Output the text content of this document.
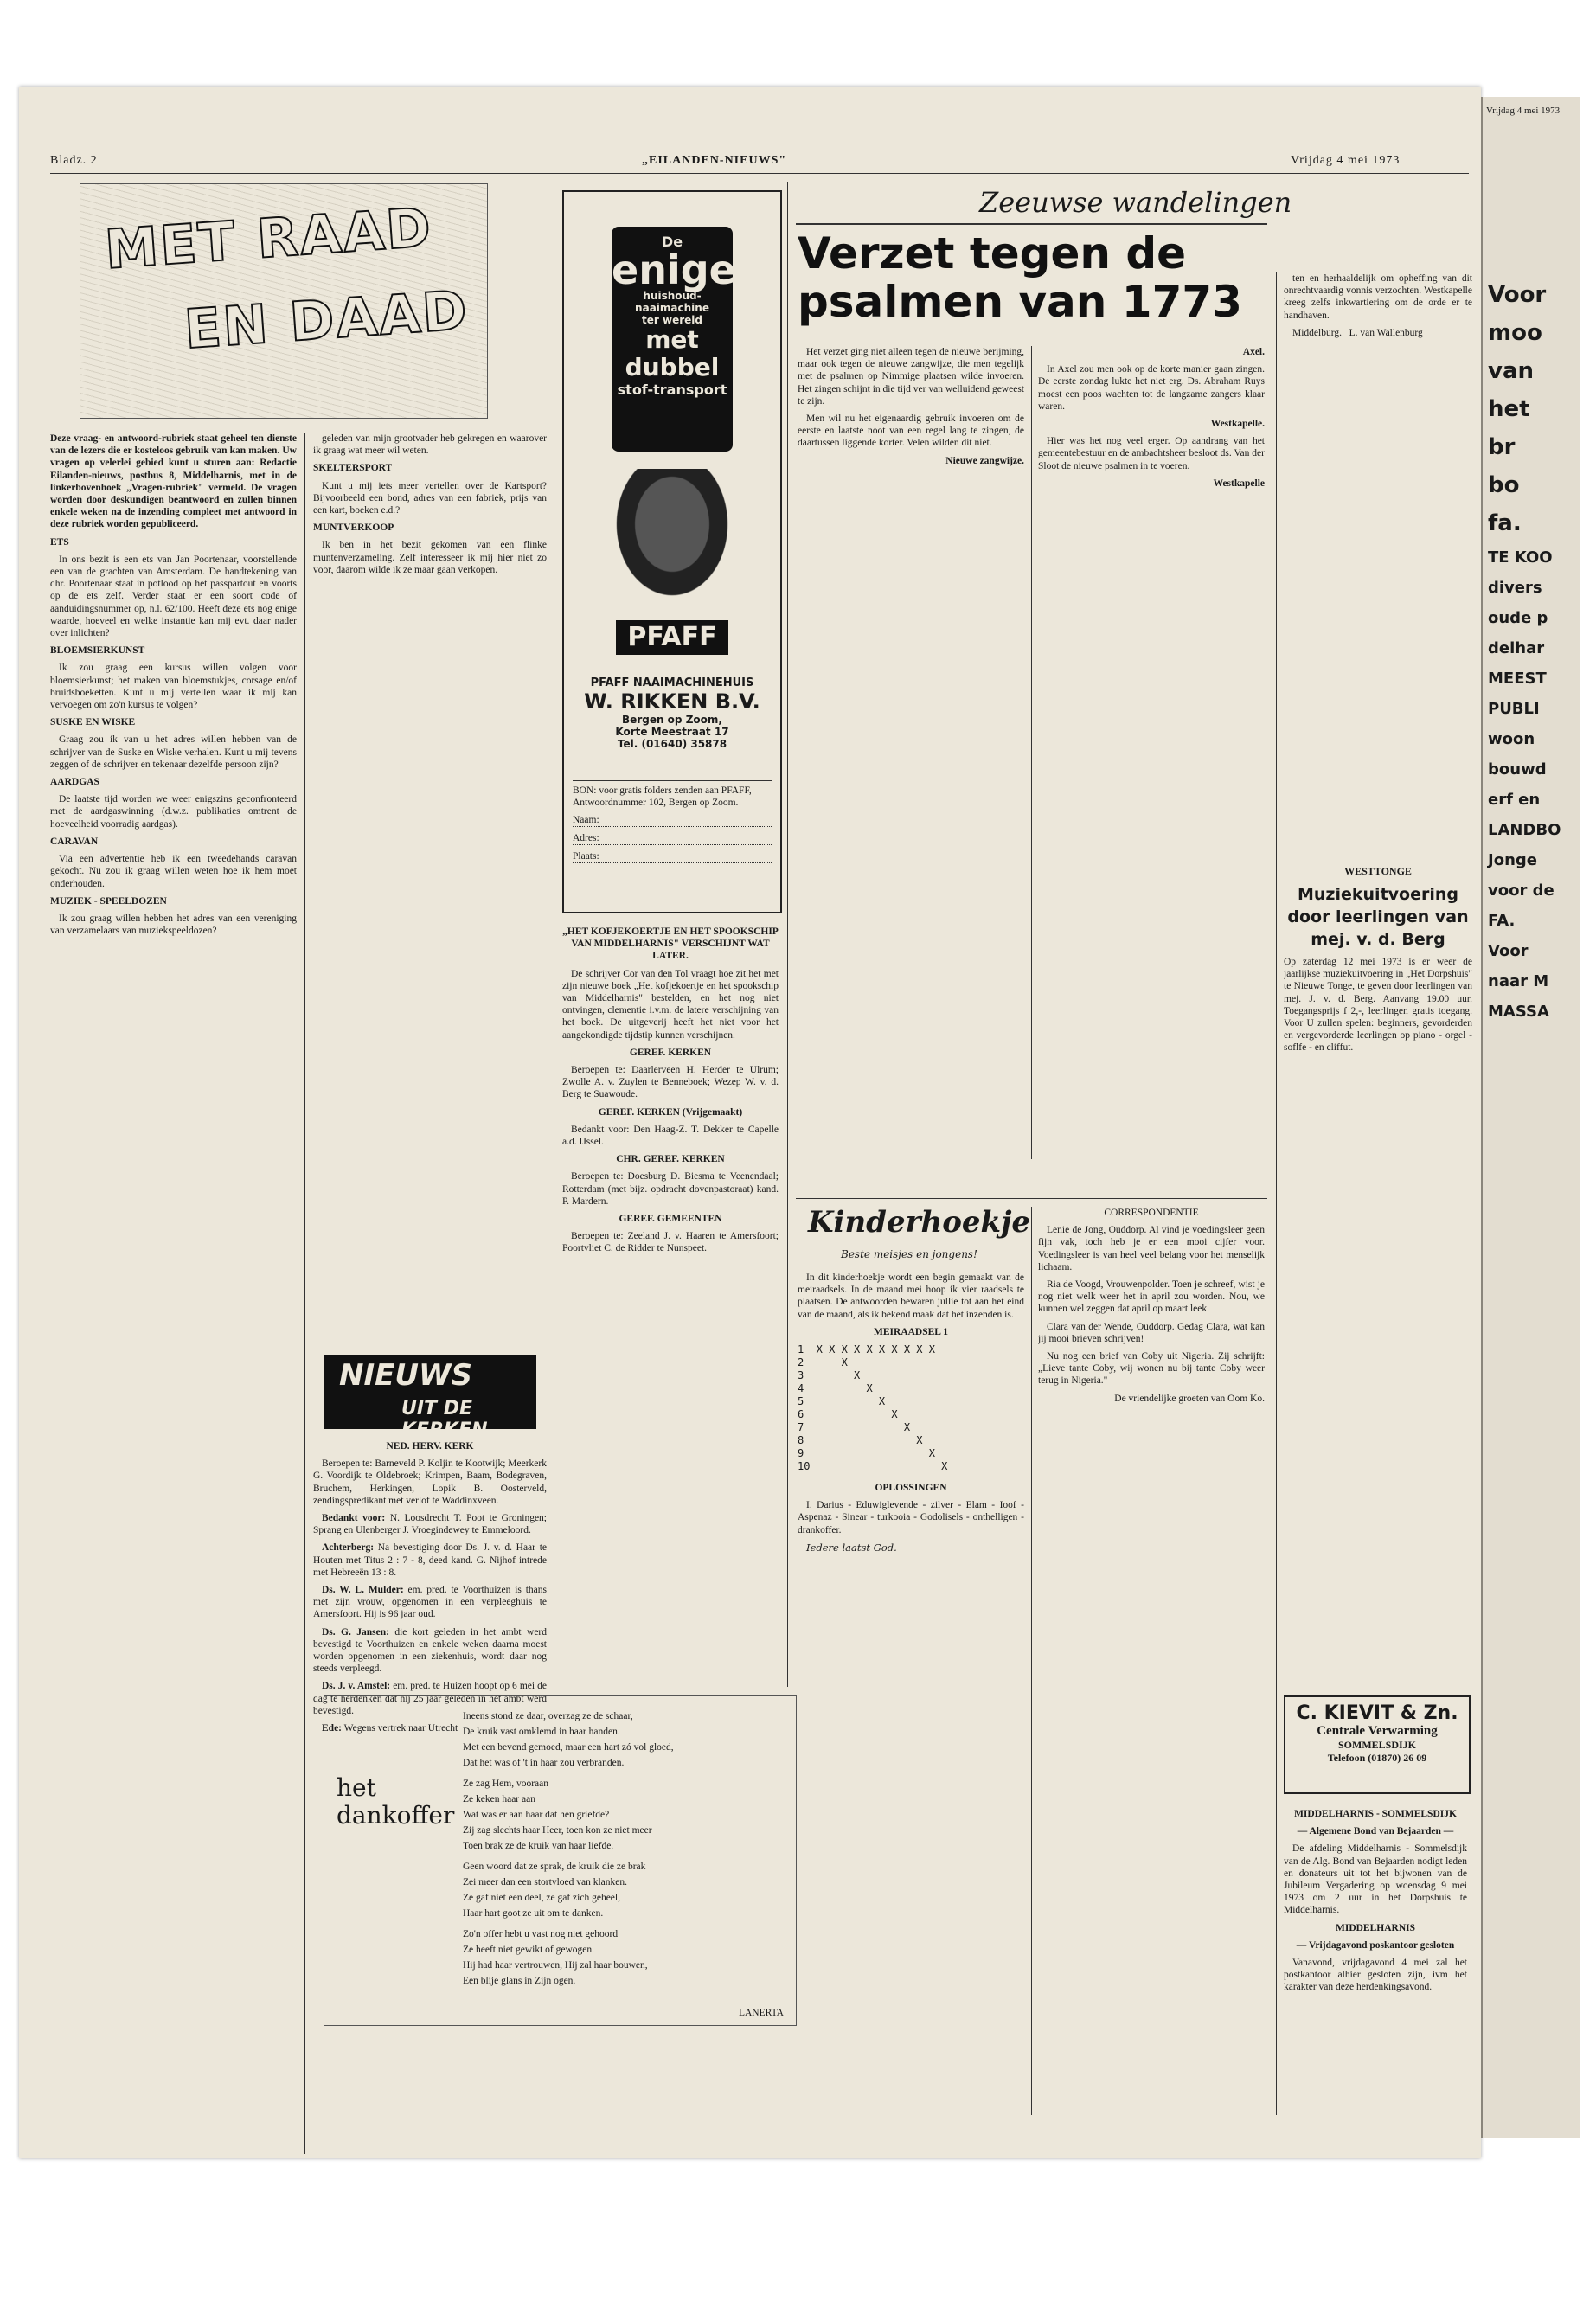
Bladz. 2	„EILANDEN-NIEUWS"	Vrijdag 4 mei 1973
MET RAAD
EN DAAD

Deze vraag- en antwoord-rubriek staat geheel ten dienste van de lezers die er kosteloos gebruik van kan maken. Uw vragen op velerlei gebied kunt u sturen aan: Redactie Eilanden-nieuws, postbus 8, Middelharnis, met in de linkerbovenhoek „Vragen-rubriek" vermeld. De vragen worden door deskundigen beantwoord en zullen binnen enkele weken na de inzending compleet met antwoord in deze rubriek worden gepubliceerd.

ETS

In ons bezit is een ets van Jan Poortenaar, voorstellende een van de grachten van Amsterdam. De handtekening van dhr. Poortenaar staat in potlood op het passpartout en voorts op de ets zelf. Verder staat er een soort code of aanduidingsnummer op, n.l. 62/100. Heeft deze ets nog enige waarde, hoeveel en welke instantie kan mij evt. daar nader over inlichten?

BLOEMSIERKUNST

Ik zou graag een kursus willen volgen voor bloemsierkunst; het maken van bloemstukjes, corsage en/of bruidsboeketten. Kunt u mij vertellen waar ik mij kan vervoegen om zo'n kursus te volgen?

SUSKE EN WISKE

Graag zou ik van u het adres willen hebben van de schrijver van de Suske en Wiske verhalen. Kunt u mij tevens zeggen of de schrijver en tekenaar dezelfde persoon zijn?

AARDGAS

De laatste tijd worden we weer enigszins geconfronteerd met de aardgaswinning (d.w.z. publikaties omtrent de hoeveelheid voorradig aardgas).

CARAVAN

Via een advertentie heb ik een tweedehands caravan gekocht. Nu zou ik graag willen weten hoe ik hem moet onderhouden.

MUZIEK - SPEELDOZEN

Ik zou graag willen hebben het adres van een vereniging van verzamelaars van muziekspeeldozen?

geleden van mijn grootvader heb gekregen en waarover ik graag wat meer wil weten.

SKELTERSPORT

Kunt u mij iets meer vertellen over de Kartsport? Bijvoorbeeld een bond, adres van een fabriek, prijs van een kart, boeken e.d.?

MUNTVERKOOP

Ik ben in het bezit gekomen van een flinke muntenverzameling. Zelf interesseer ik mij hier niet zo voor, daarom wilde ik ze maar gaan verkopen.

NIEUWS
UIT DE KERKEN

NED. HERV. KERK

Beroepen te: Barneveld P. Koljin te Kootwijk; Meerkerk G. Voordijk te Oldebroek; Krimpen, Baam, Bodegraven, Bruchem, Herkingen, Lopik B. Oosterveld, zendingspredikant met verlof te Waddinxveen.

Bedankt voor: N. Loosdrecht T. Poot te Groningen; Sprang en Ulenberger J. Vroegindewey te Emmeloord.

Achterberg: Na bevestiging door Ds. J. v. d. Haar te Houten met Titus 2 : 7 - 8, deed kand. G. Nijhof intrede met Hebreeën 13 : 8.

Ds. W. L. Mulder: em. pred. te Voorthuizen is thans met zijn vrouw, opgenomen in een verpleeghuis te Amersfoort. Hij is 96 jaar oud.

Ds. G. Jansen: die kort geleden in het ambt werd bevestigd te Voorthuizen en enkele weken daarna moest worden opgenomen in een ziekenhuis, wordt daar nog steeds verpleegd.

Ds. J. v. Amstel: em. pred. te Huizen hoopt op 6 mei de dag te herdenken dat hij 25 jaar geleden in het ambt werd bevestigd.

Ede: Wegens vertrek naar Utrecht

De
enige
huishoud-naaimachine
ter wereld
met dubbel
stof-transport
PFAFF
PFAFF NAAIMACHINEHUIS
W. RIKKEN B.V.
Bergen op Zoom,
Korte Meestraat 17
Tel. (01640) 35878
BON: voor gratis folders zenden aan PFAFF, Antwoordnummer 102, Bergen op Zoom.
Naam:
Adres:
Plaats:

„HET KOFJEKOERTJE EN HET SPOOKSCHIP VAN MIDDELHARNIS" VERSCHIJNT WAT LATER.

De schrijver Cor van den Tol vraagt hoe zit het met zijn nieuwe boek „Het kofjekoertje en het spookschip van Middelharnis" bestelden, en het nog niet ontvingen, clementie i.v.m. de latere verschijning van het boek. De uitgeverij heeft het niet voor het aangekondigde tijdstip kunnen verschijnen.

GEREF. KERKEN

Beroepen te: Daarlerveen H. Herder te Ulrum; Zwolle A. v. Zuylen te Benneboek; Wezep W. v. d. Berg te Suawoude.

GEREF. KERKEN (Vrijgemaakt)

Bedankt voor: Den Haag-Z. T. Dekker te Capelle a.d. IJssel.

CHR. GEREF. KERKEN

Beroepen te: Doesburg D. Biesma te Veenendaal; Rotterdam (met bijz. opdracht dovenpastoraat) kand. P. Mardern.

GEREF. GEMEENTEN

Beroepen te: Zeeland J. v. Haaren te Amersfoort; Poortvliet C. de Ridder te Nunspeet.

het dankoffer
Ineens stond ze daar, overzag ze de schaar,
De kruik vast omklemd in haar handen.
Met een bevend gemoed, maar een hart zó vol gloed,
Dat het was of 't in haar zou verbranden.
Ze zag Hem, vooraan
Ze keken haar aan
Wat was er aan haar dat hen griefde?
Zij zag slechts haar Heer, toen kon ze niet meer
Toen brak ze de kruik van haar liefde.
Geen woord dat ze sprak, de kruik die ze brak
Zei meer dan een stortvloed van klanken.
Ze gaf niet een deel, ze gaf zich geheel,
Haar hart goot ze uit om te danken.
Zo'n offer hebt u vast nog niet gehoord
Ze heeft niet gewikt of gewogen.
Hij had haar vertrouwen, Hij zal haar bouwen,
Een blije glans in Zijn ogen.
LANERTA
Zeeuwse wandelingen
Verzet tegen de psalmen van 1773

Het verzet ging niet alleen tegen de nieuwe berijming, maar ook tegen de nieuwe zangwijze, die men tegelijk met de psalmen op Nimmige plaatsen wilde invoeren. Het zingen schijnt in die tijd ver van welluidend geweest te zijn.

Men wil nu het eigenaardig gebruik invoeren om de eerste en laatste noot van een regel lang te zingen, de daartussen liggende korter. Velen wilden dit niet.

Nieuwe zangwijze.

Axel.

In Axel zou men ook op de korte manier gaan zingen. De eerste zondag lukte het niet erg. Ds. Abraham Ruys moest een poos wachten tot de langzame zangers klaar waren.

Westkapelle.

Hier was het nog veel erger. Op aandrang van het gemeentebestuur en de ambachtsheer besloot ds. Van der Sloot de nieuwe psalmen in te voeren.

Westkapelle

ten en herhaaldelijk om opheffing van dit onrechtvaardig vonnis verzochten. Westkapelle kreeg zelfs inkwartiering om de orde er te handhaven.

Middelburg. L. van Wallenburg

WESTTONGE
Muziekuitvoering door leerlingen van mej. v. d. Berg
Op zaterdag 12 mei 1973 is er weer de jaarlijkse muziekuitvoering in „Het Dorpshuis" te Nieuwe Tonge, te geven door leerlingen van mej. J. v. d. Berg. Aanvang 19.00 uur. Toegangsprijs f 2,-, leerlingen gratis toegang. Voor U zullen spelen: beginners, gevorderden en vergevorderde leerlingen op piano - orgel - soflfe - en cliffut.
Kinderhoekje
Beste meisjes en jongens!

In dit kinderhoekje wordt een begin gemaakt van de meiraadsels. In de maand mei hoop ik vier raadsels te plaatsen. De antwoorden bewaren jullie tot aan het eind van de maand, als ik bekend maak dat het inzenden is.

MEIRAADSEL 1

1  X X X X X X X X X X
2      X
3        X
4          X
5            X
6              X
7                X
8                  X
9                    X
10                     X

OPLOSSINGEN

I. Darius - Eduwiglevende - zilver - Elam - Ioof - Aspenaz - Sinear - turkooia - Godolisels - onthelligen - drankoffer.

Iedere laatst God.

CORRESPONDENTIE

Lenie de Jong, Ouddorp. Al vind je voedingsleer geen fijn vak, toch heb je er een mooi cijfer voor. Voedingsleer is van heel veel belang voor het menselijk lichaam.

Ria de Voogd, Vrouwenpolder. Toen je schreef, wist je nog niet welk weer het in april zou worden. Nou, we kunnen wel zeggen dat april op maart leek.

Clara van der Wende, Ouddorp. Gedag Clara, wat kan jij mooi brieven schrijven!

Nu nog een brief van Coby uit Nigeria. Zij schrijft: „Lieve tante Coby, wij wonen nu bij tante Coby weer terug in Nigeria."

De vriendelijke groeten van Oom Ko.

C. KIEVIT & Zn.
Centrale Verwarming
SOMMELSDIJK
Telefoon (01870) 26 09

MIDDELHARNIS - SOMMELSDIJK

— Algemene Bond van Bejaarden —

De afdeling Middelharnis - Sommelsdijk van de Alg. Bond van Bejaarden nodigt leden en donateurs uit tot het bijwonen van de Jubileum Vergadering op woensdag 9 mei 1973 om 2 uur in het Dorpshuis te Middelharnis.

MIDDELHARNIS

— Vrijdagavond poskantoor gesloten

Vanavond, vrijdagavond 4 mei zal het postkantoor alhier gesloten zijn, ivm het karakter van deze herdenkingsavond.

Vrijdag 4 mei 1973
Voor
moo
van
het
br
bo
fa.
TE KOO
divers
oude p
delhar
MEEST
PUBLI
woon
bouwd
erf en
LANDBO
Jonge
voor de
FA.
Voor
naar M
MASSA
